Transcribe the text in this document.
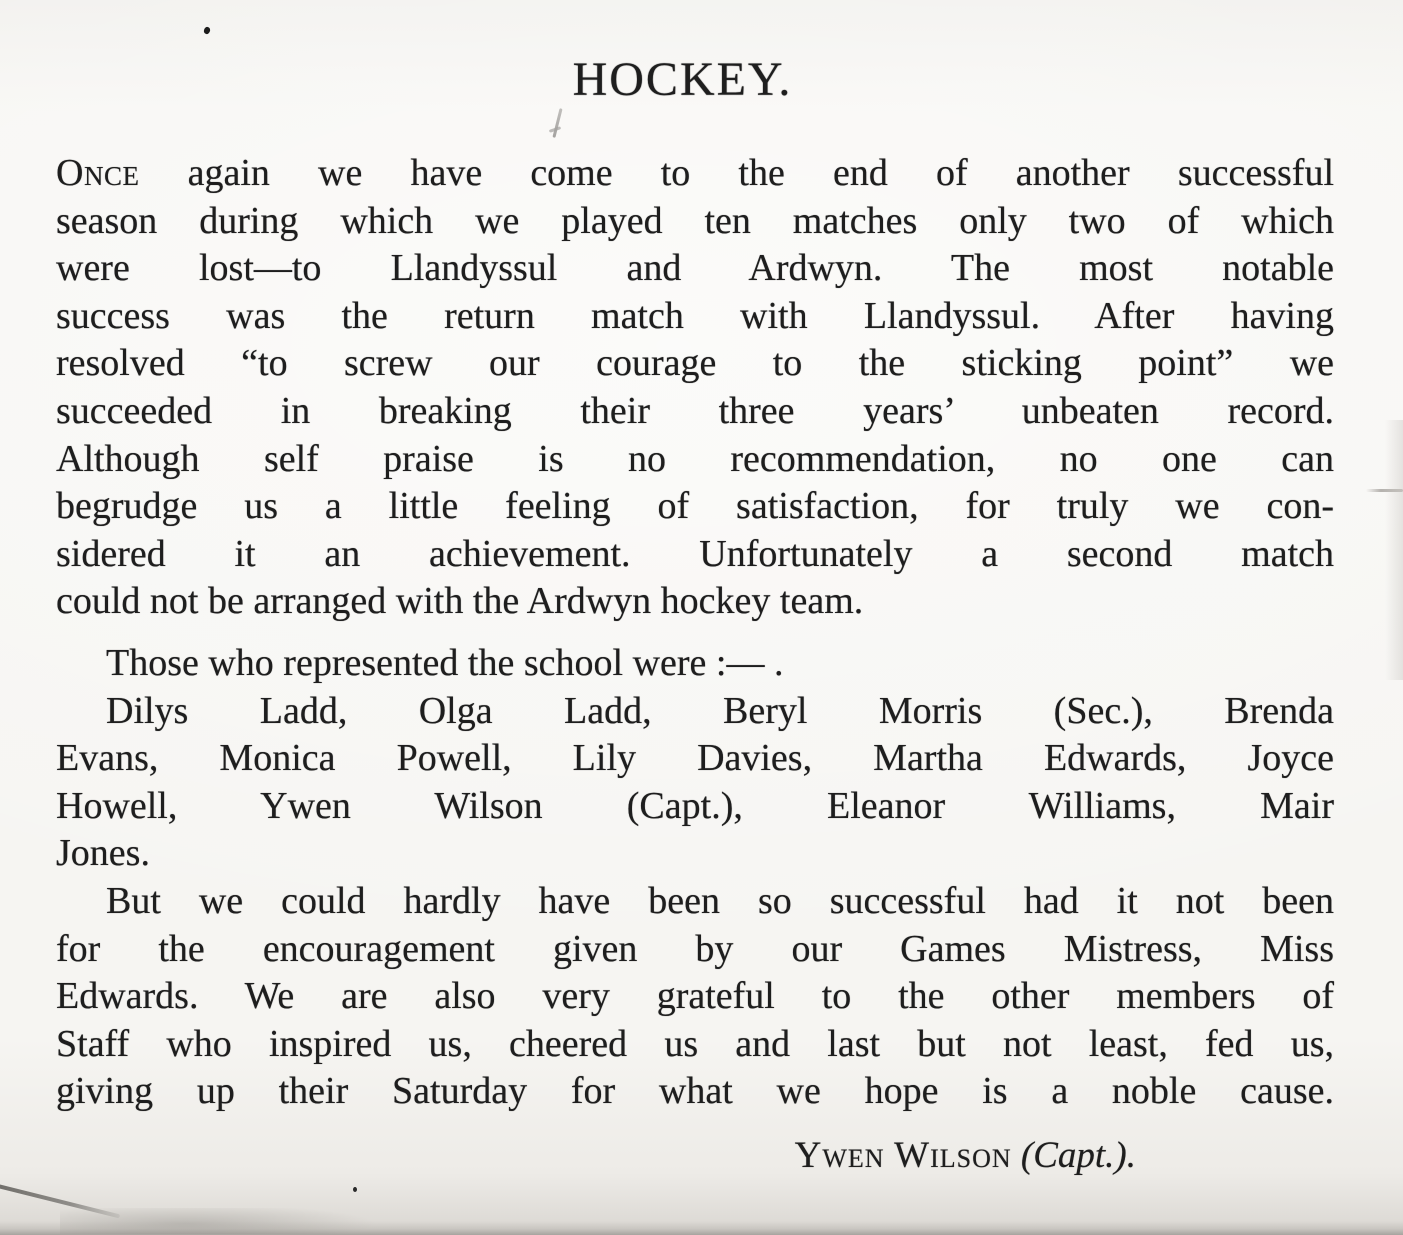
HOCKEY.
Once again we have come to the end of another successful
season during which we played ten matches only two of which
were lost—to Llandyssul and Ardwyn. The most notable
success was the return match with Llandyssul. After having
resolved “to screw our courage to the sticking point” we
succeeded in breaking their three years’ unbeaten record.
Although self praise is no recommendation, no one can
begrudge us a little feeling of satisfaction, for truly we con-
sidered it an achievement. Unfortunately a second match
could not be arranged with the Ardwyn hockey team.
Those who represented the school were :— .
Dilys Ladd, Olga Ladd, Beryl Morris (Sec.), Brenda
Evans, Monica Powell, Lily Davies, Martha Edwards, Joyce
Howell, Ywen Wilson (Capt.), Eleanor Williams, Mair
Jones.
But we could hardly have been so successful had it not been
for the encouragement given by our Games Mistress, Miss
Edwards. We are also very grateful to the other members of
Staff who inspired us, cheered us and last but not least, fed us,
giving up their Saturday for what we hope is a noble cause.
Ywen Wilson (Capt.).
